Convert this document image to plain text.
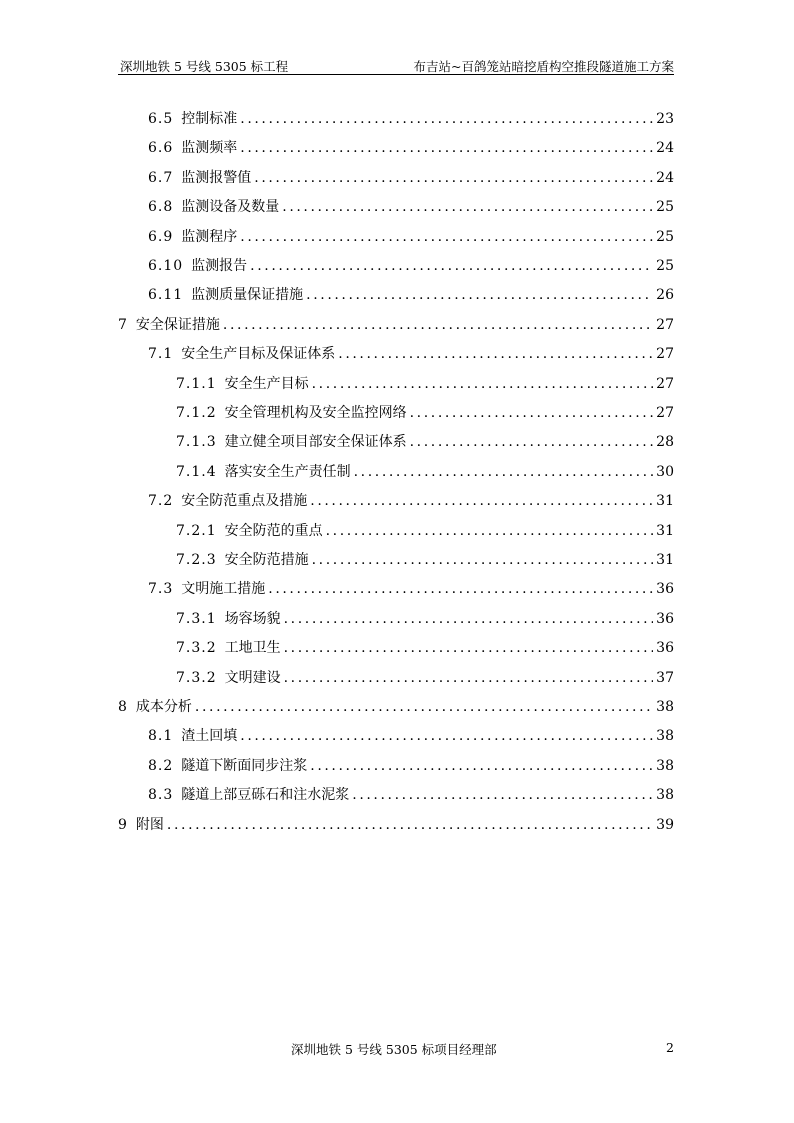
深圳地铁 5 号线 5305 标工程	布吉站~百鸽笼站暗挖盾构空推段隧道施工方案
6.5 控制标准 .....	23
6.6 监测频率 .....	24
6.7 监测报警值 .....	24
6.8 监测设备及数量 .....	25
6.9 监测程序 .....	25
6.10 监测报告 .....	25
6.11 监测质量保证措施 .....	26
7 安全保证措施 .....	27
7.1 安全生产目标及保证体系 .....	27
7.1.1 安全生产目标 .....	27
7.1.2 安全管理机构及安全监控网络 .....	27
7.1.3 建立健全项目部安全保证体系 .....	28
7.1.4 落实安全生产责任制 .....	30
7.2 安全防范重点及措施 .....	31
7.2.1 安全防范的重点 .....	31
7.2.3 安全防范措施 .....	31
7.3 文明施工措施 .....	36
7.3.1 场容场貌 .....	36
7.3.2 工地卫生 .....	36
7.3.2 文明建设 .....	37
8 成本分析 .....	38
8.1 渣土回填 .....	38
8.2 隧道下断面同步注浆 .....	38
8.3 隧道上部豆砾石和注水泥浆 .....	38
9 附图 .....	39
深圳地铁 5 号线 5305 标项目经理部	2
